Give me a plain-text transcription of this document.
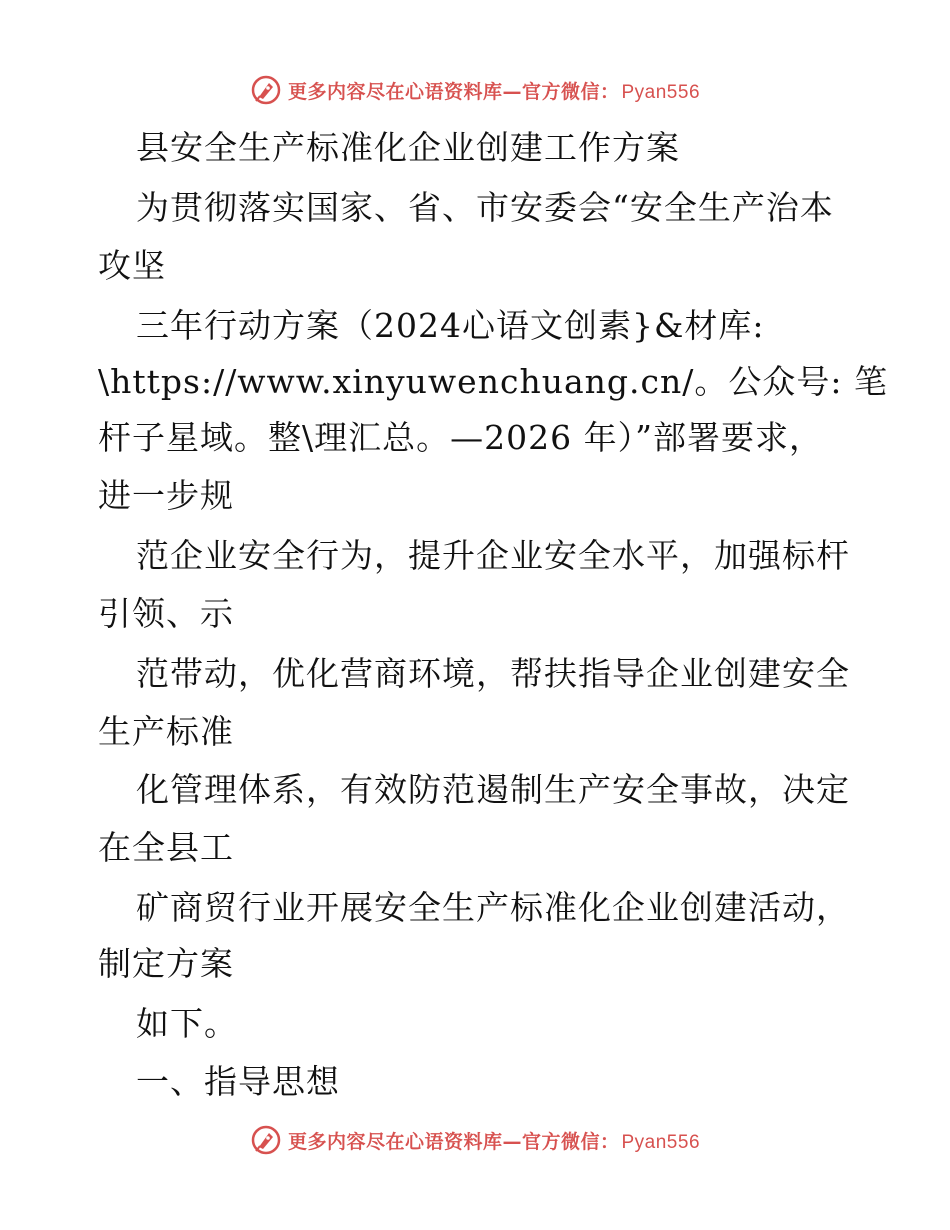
更多内容尽在心语资料库—官方微信： Pyan556
县安全生产标准化企业创建工作方案
为贯彻落实国家、省、市安委会“安全生产治本
攻坚
三年行动方案（2024心语文创素}&材库:
\https://www.xinyuwenchuang.cn/。公众号: 笔
杆子星域。整\理汇总。—2026 年）”部署要求，
进一步规
范企业安全行为，提升企业安全水平，加强标杆
引领、示
范带动，优化营商环境，帮扶指导企业创建安全
生产标准
化管理体系，有效防范遏制生产安全事故，决定
在全县工
矿商贸行业开展安全生产标准化企业创建活动，
制定方案
如下。
一、指导思想
更多内容尽在心语资料库—官方微信： Pyan556
